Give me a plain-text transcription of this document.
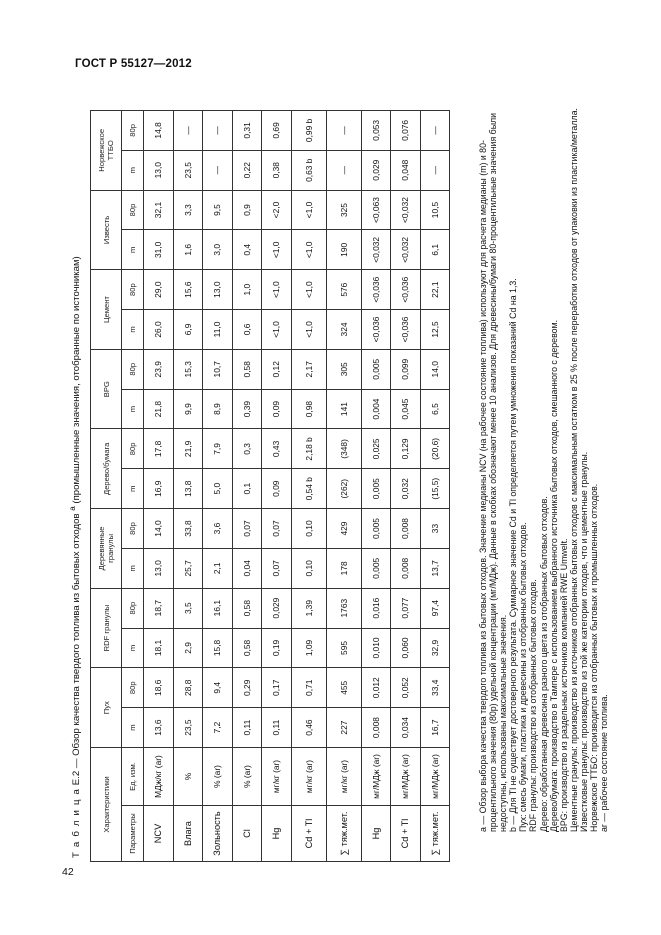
ГОСТ Р 55127—2012
Т а б л и ц а Е.2 — Обзор качества твердого топлива из бытовых отходов $^a$ (промышленные значения, отобранные по источникам)
Характеристики		Пух		RDF гранулы		Деревянные гранулы		Дерево/бумага		BPG		Цемент		Известь		Норвежское ТТБО	
Параметры	Ед. изм.	m	80p	m	80p	m	80p	m	80p	m	80p	m	80p	m	80p	m	80p
NCV	МДж/кг (ar)	13,6	18,6	18,1	18,7	13,0	14,0	16,9	17,8	21,8	23,9	26,0	29,0	31,0	32,1	13,0	14,8
Влага	%	23,5	28,8	2,9	3,5	25,7	33,8	13,8	21,9	9,9	15,3	6,9	15,6	1,6	3,3	23,5	—
Зольность	% (ar)	7,2	9,4	15,8	16,1	2,1	3,6	5,0	7,9	8,9	10,7	11,0	13,0	3,0	9,5	—	—
Cl	% (ar)	0,11	0,29	0,58	0,58	0,04	0,07	0,1	0,3	0,39	0,58	0,6	1,0	0,4	0,9	0,22	0,31
Hg	мг/кг (ar)	0,11	0,17	0,19	0,029	0,07	0,07	0,09	0,43	0,09	0,12	<1,0	<1,0	<1,0	<2,0	0,38	0,69
Cd + Tl	мг/кг (ar)	0,46	0,71	1,09	1,39	0,10	0,10	0,54 b	2,18 b	0,98	2,17	<1,0	<1,0	<1,0	<1,0	0,63 b	0,99 b
∑ тяж.мет.	мг/кг (ar)	227	455	595	1763	178	429	(262)	(348)	141	305	324	576	190	325	—	—
Hg	мг/МДж (ar)	0,008	0,012	0,010	0,016	0,005	0,005	0,005	0,025	0,004	0,005	<0,036	<0,036	<0,032	<0,063	0,029	0,053
Cd + Tl	мг/МДж (ar)	0,034	0,052	0,060	0,077	0,008	0,008	0,032	0,129	0,045	0,099	<0,036	<0,036	<0,032	<0,032	0,048	0,076
∑ тяж.мет.	мг/МДж (ar)	16,7	33,4	32,9	97,4	13,7	33	(15,5)	(20,6)	6,5	14,0	12,5	22,1	6,1	10,5	—	—

a — Обзор выбора качества твердого топлива из бытовых отходов. Значение медианы NCV (на рабочее состояние топлива) используют для расчета медианы (m) и 80-процентильного значения (80p) удельной концентрации (мг/МДж). Данные в скобках обозначают менее 10 анализов. Для древесины/бумаги 80-процентильные значения были недоступны, использованы максимальные значения. b — Для Tl не существует достоверного результата. Суммарное значение Cd и Tl определяется путем умножения показаний Cd на 1,3. Пух: смесь бумаги, пластика и древесины из отобранных бытовых отходов. RDF гранулы: производство из отобранных бытовых отходов. Дерево: обработанная древесина разного цвета из отобранных бытовых отходов. Дерево/бумага: производство в Тампере с использованием выбранного источника бытовых отходов, смешанного с деревом. BPG: производство из раздельных источников компанией RWE Umwelt. Цементные гранулы: производство из источников отобранных бытовых отходов с максимальным остатком в 25 % после переработки отходов от упаковки из пластика/металла. Известковые гранулы: производство из той же категории отходов, что и цементные гранулы. Норвежское ТТБО: производится из отобранных бытовых и промышленных отходов. ar — рабочее состояние топлива.

42
